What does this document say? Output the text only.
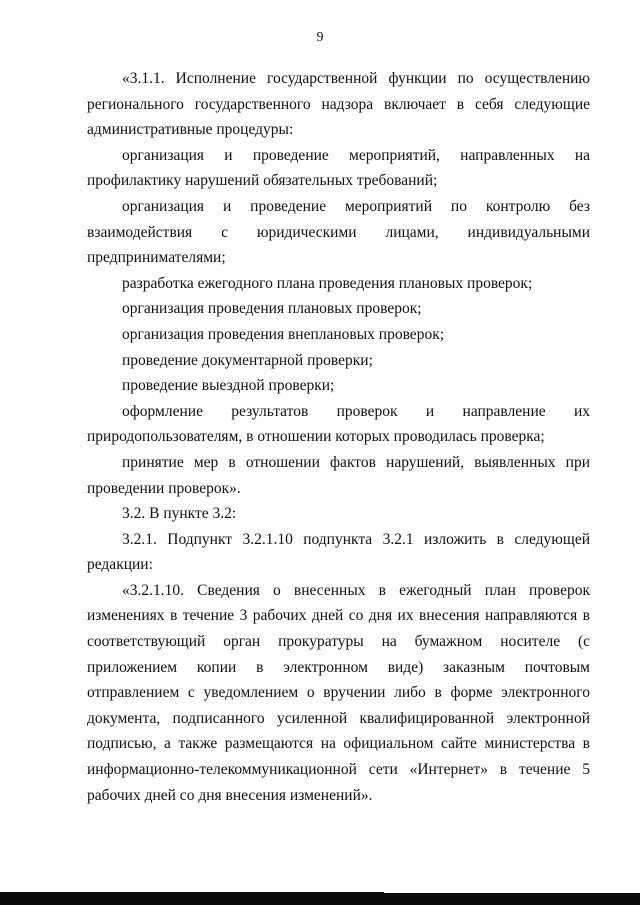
9

«3.1.1. Исполнение государственной функции по осуществлению регионального государственного надзора включает в себя следующие административные процедуры:

организация и проведение мероприятий, направленных на профилактику нарушений обязательных требований;

организация и проведение мероприятий по контролю без взаимодействия с юридическими лицами, индивидуальными предпринимателями;

разработка ежегодного плана проведения плановых проверок;

организация проведения плановых проверок;

организация проведения внеплановых проверок;

проведение документарной проверки;

проведение выездной проверки;

оформление результатов проверок и направление их природопользователям, в отношении которых проводилась проверка;

принятие мер в отношении фактов нарушений, выявленных при проведении проверок».

3.2. В пункте 3.2:

3.2.1. Подпункт 3.2.1.10 подпункта 3.2.1 изложить в следующей редакции:

«3.2.1.10. Сведения о внесенных в ежегодный план проверок изменениях в течение 3 рабочих дней со дня их внесения направляются в соответствующий орган прокуратуры на бумажном носителе (с приложением копии в электронном виде) заказным почтовым отправлением с уведомлением о вручении либо в форме электронного документа, подписанного усиленной квалифицированной электронной подписью, а также размещаются на официальном сайте министерства в информационно-телекоммуникационной сети «Интернет» в течение 5 рабочих дней со дня внесения изменений».
